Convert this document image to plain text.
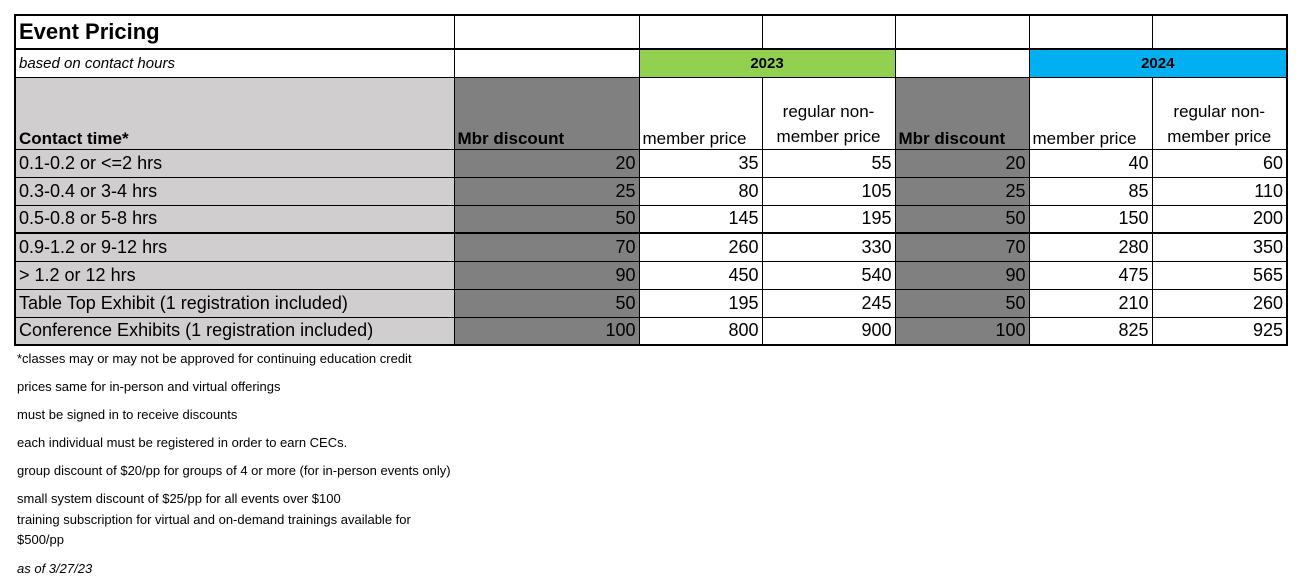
Event Pricing						
based on contact hours		2023			2024	
Contact time*	Mbr discount	member price	regular non-member price	Mbr discount	member price	regular non-member price
0.1-0.2 or <=2 hrs	20	35	55	20	40	60
0.3-0.4 or 3-4 hrs	25	80	105	25	85	110
0.5-0.8 or 5-8 hrs	50	145	195	50	150	200
0.9-1.2 or 9-12 hrs	70	260	330	70	280	350
> 1.2 or 12 hrs	90	450	540	90	475	565
Table Top Exhibit (1 registration included)	50	195	245	50	210	260
Conference Exhibits (1 registration included)	100	800	900	100	825	925
*classes may or may not be approved for continuing education credit
prices same for in-person and virtual offerings
must be signed in to receive discounts
each individual must be registered in order to earn CECs.
group discount of $20/pp for groups of 4 or more (for in-person events only)
small system discount of $25/pp for all events over $100
training subscription for virtual and on-demand trainings available for
$500/pp
as of 3/27/23
